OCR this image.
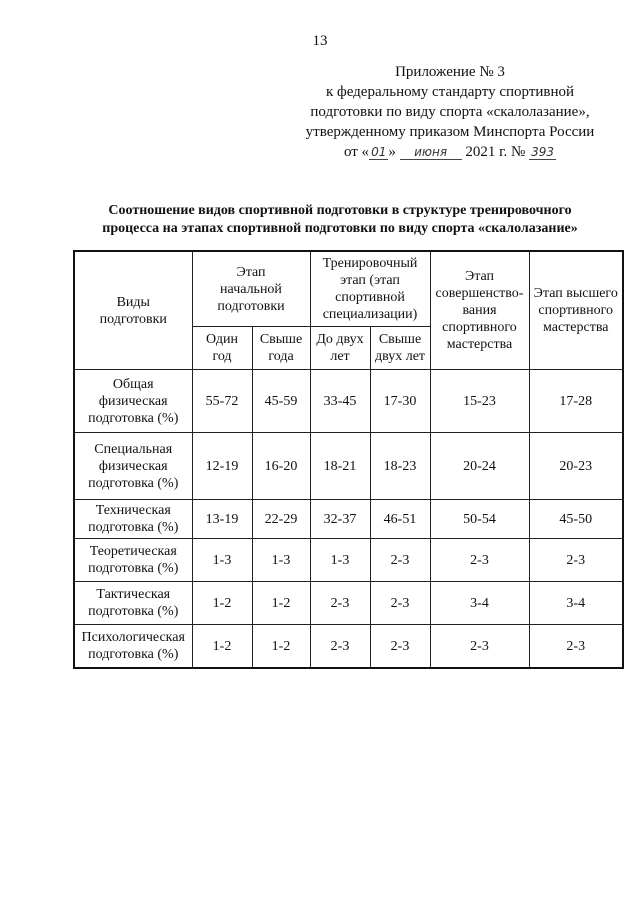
13
Приложение № 3
к федеральному стандарту спортивной
подготовки по виду спорта «скалолазание»,
утвержденному приказом Минспорта России
от « 01 » июня 2021 г. № 393
Соотношение видов спортивной подготовки в структуре тренировочного
процесса на этапах спортивной подготовки по виду спорта «скалолазание»
Виды подготовки	Этап начальной подготовки		Тренировочный этап (этап спортивной специализации)		Этап совершенство-вания спортивного мастерства	Этап высшего спортивного мастерства
	Один год	Свыше года	До двух лет	Свыше двух лет		
Общая физическая подготовка (%)	55-72	45-59	33-45	17-30	15-23	17-28
Специальная физическая подготовка (%)	12-19	16-20	18-21	18-23	20-24	20-23
Техническая подготовка (%)	13-19	22-29	32-37	46-51	50-54	45-50
Теоретическая подготовка (%)	1-3	1-3	1-3	2-3	2-3	2-3
Тактическая подготовка (%)	1-2	1-2	2-3	2-3	3-4	3-4
Психологическая подготовка (%)	1-2	1-2	2-3	2-3	2-3	2-3
